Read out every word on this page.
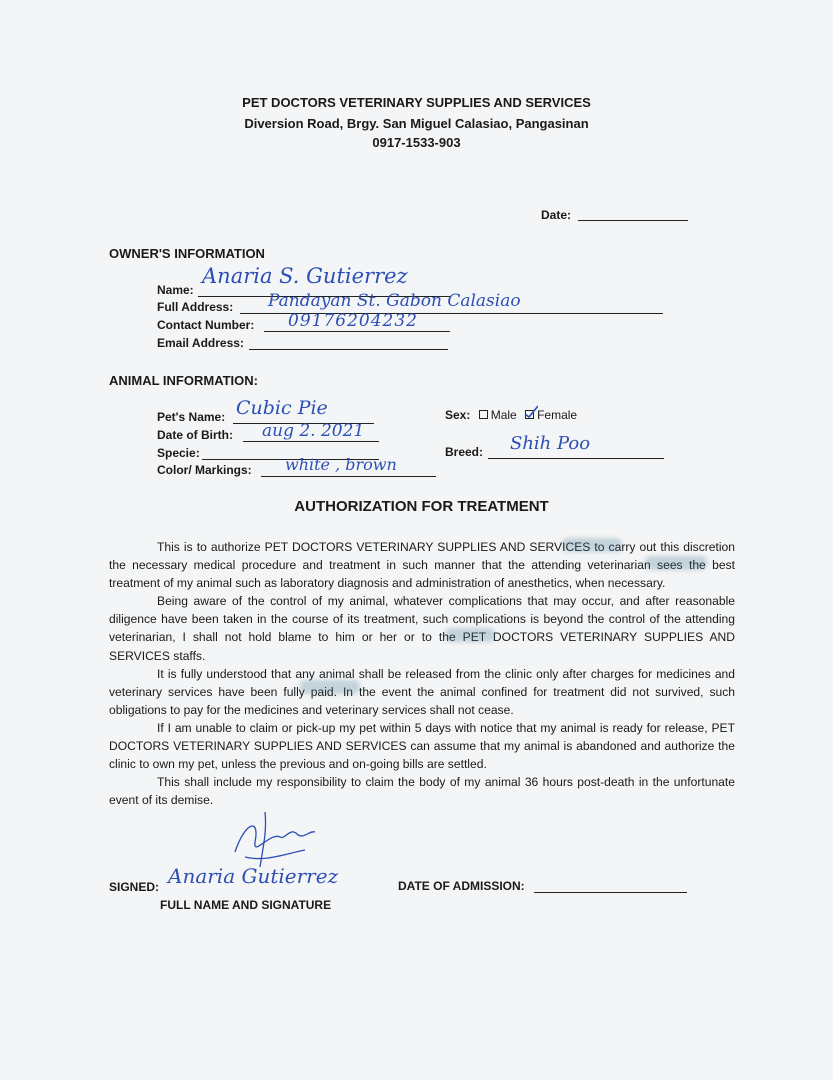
PET DOCTORS VETERINARY SUPPLIES AND SERVICES
Diversion Road, Brgy. San Miguel Calasiao, Pangasinan
0917-1533-903
Date:
OWNER'S INFORMATION
Name:
Anaria S. Gutierrez
Full Address: Pandayan St. Gabon Calasiao
Contact Number: 09176204232
Email Address:
ANIMAL INFORMATION:
Pet's Name: Cubic Pie
Date of Birth: aug 2. 2021
Specie:
Color/ Markings: white , brown
Sex: Male Female
Breed: Shih Poo
AUTHORIZATION FOR TREATMENT

This is to authorize PET DOCTORS VETERINARY SUPPLIES AND SERVICES to carry out this discretion the necessary medical procedure and treatment in such manner that the attending veterinarian sees the best treatment of my animal such as laboratory diagnosis and administration of anesthetics, when necessary.

Being aware of the control of my animal, whatever complications that may occur, and after reasonable diligence have been taken in the course of its treatment, such complications is beyond the control of the attending veterinarian, I shall not hold blame to him or her or to the PET DOCTORS VETERINARY SUPPLIES AND SERVICES staffs.

It is fully understood that any animal shall be released from the clinic only after charges for medicines and veterinary services have been fully paid. In the event the animal confined for treatment did not survived, such obligations to pay for the medicines and veterinary services shall not cease.

If I am unable to claim or pick-up my pet within 5 days with notice that my animal is ready for release, PET DOCTORS VETERINARY SUPPLIES AND SERVICES can assume that my animal is abandoned and authorize the clinic to own my pet, unless the previous and on-going bills are settled.

This shall include my responsibility to claim the body of my animal 36 hours post-death in the unfortunate event of its demise.

SIGNED: Anaria Gutierrez
FULL NAME AND SIGNATURE
DATE OF ADMISSION:
